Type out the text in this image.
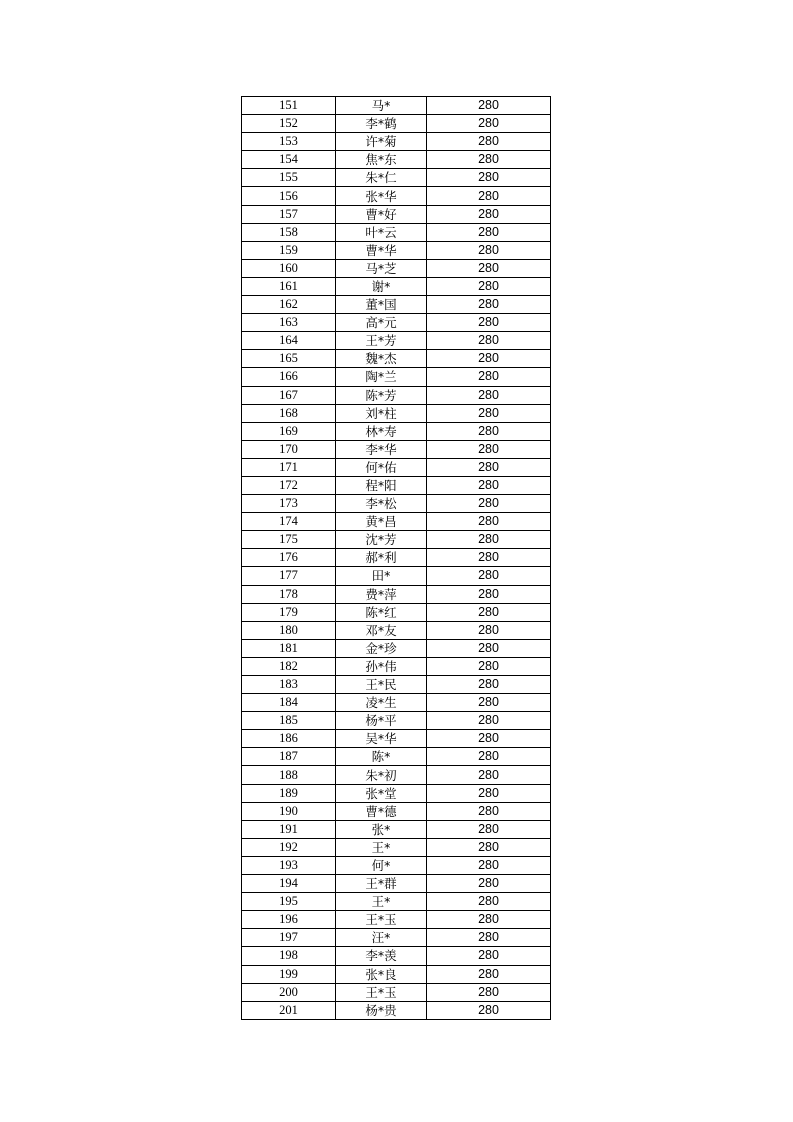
151	马*	280
152	李*鹤	280
153	许*菊	280
154	焦*东	280
155	朱*仁	280
156	张*华	280
157	曹*好	280
158	叶*云	280
159	曹*华	280
160	马*芝	280
161	谢*	280
162	董*国	280
163	高*元	280
164	王*芳	280
165	魏*杰	280
166	陶*兰	280
167	陈*芳	280
168	刘*柱	280
169	林*寿	280
170	李*华	280
171	何*佑	280
172	程*阳	280
173	李*松	280
174	黄*昌	280
175	沈*芳	280
176	郝*利	280
177	田*	280
178	费*萍	280
179	陈*红	280
180	邓*友	280
181	金*珍	280
182	孙*伟	280
183	王*民	280
184	凌*生	280
185	杨*平	280
186	吴*华	280
187	陈*	280
188	朱*初	280
189	张*堂	280
190	曹*德	280
191	张*	280
192	王*	280
193	何*	280
194	王*群	280
195	王*	280
196	王*玉	280
197	汪*	280
198	李*羡	280
199	张*良	280
200	王*玉	280
201	杨*贵	280
